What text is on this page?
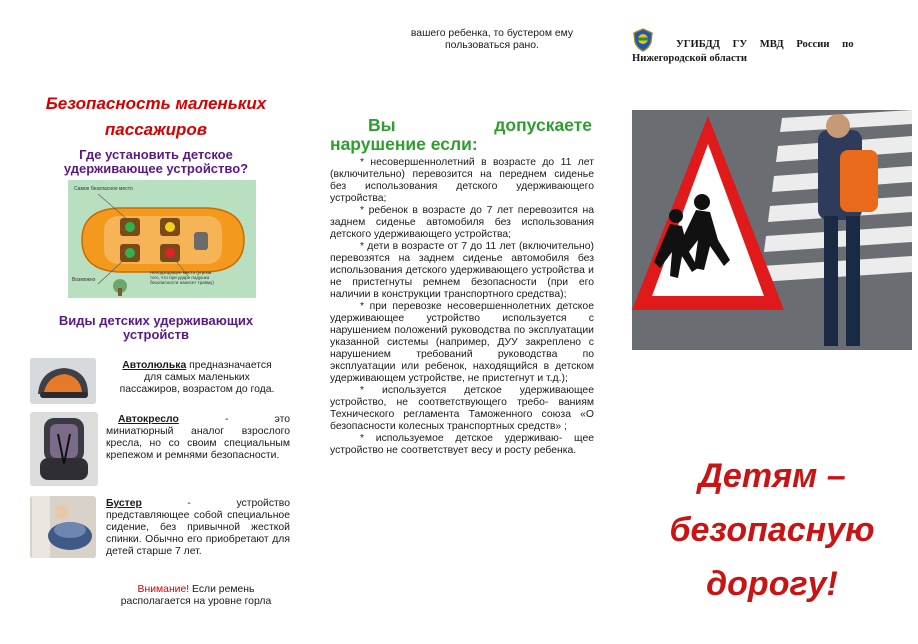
вашего ребенка, то бустером ему
пользоваться рано.	УГИБДД ГУ МВД России по
Нижегородской области
Безопасность маленьких
пассажиров
Где установить детское
удерживающее устройство?
Самое безопасное место
Возможно
Неподходящее место (угроза
того, что при ударе подушка
безопасности нанесет травму)
Виды детских удерживающих
устройств
Автолюлька предназначается
для самых маленьких
пассажиров, возрастом до года.
Автокресло	-	это
миниатюрный аналог взрослого кресла, но со своим специальным крепежом и ремнями безопасности.
Бустер	-	устройство
представляющее собой специальное сидение, без привычной жесткой спинки. Обычно его приобретают для детей старше 7 лет.
Внимание! Если ремень
располагается на уровне горла
Вы	допускаете
нарушение если:
* несовершеннолетний в возрасте до 11 лет (включительно) перевозится на переднем сиденье без использования детского удерживающего устройства;
* ребенок в возрасте до 7 лет перевозится на заднем сиденье автомобиля без использования детского удерживающего устройства;
* дети в возрасте от 7 до 11 лет (включительно) перевозятся на заднем сиденье автомобиля без использования детского удерживающего устройства и не пристегнуты ремнем безопасности (при его наличии в конструкции транспортного средства);
* при перевозке несовершеннолетних детское удерживающее устройство используется с нарушением положений руководства по эксплуатации указанной системы (например, ДУУ закреплено с нарушением требований руководства по эксплуатации или ребенок, находящийся в детском удерживающем устройстве, не пристегнут и т.д.);
* используется детское удерживающее устройство, не соответствующего требо- ваниям Технического регламента Таможенного союза «О безопасности колесных транспортных средств» ;
* используемое детское удерживаю- щее устройство не соответствует весу и росту ребенка.
Детям –
безопасную
дорогу!
